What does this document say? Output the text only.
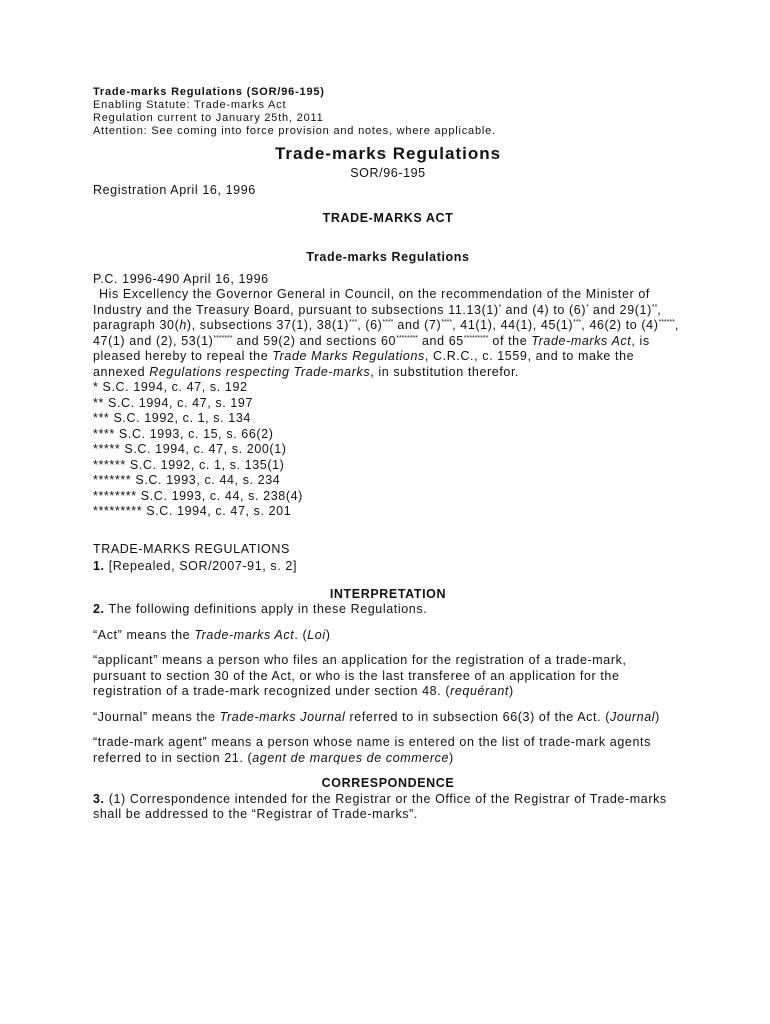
Trade-marks Regulations (SOR/96-195)

Enabling Statute: Trade-marks Act

Regulation current to January 25th, 2011

Attention: See coming into force provision and notes, where applicable.

Trade-marks Regulations

SOR/96-195

Registration April 16, 1996

TRADE-MARKS ACT

Trade-marks Regulations

P.C. 1996-490 April 16, 1996

His Excellency the Governor General in Council, on the recommendation of the Minister of Industry and the Treasury Board, pursuant to subsections 11.13(1)* and (4) to (6)* and 29(1)**, paragraph 30(h), subsections 37(1), 38(1)***, (6)**** and (7)****, 41(1), 44(1), 45(1)***, 46(2) to (4)******, 47(1) and (2), 53(1)******* and 59(2) and sections 60******** and 65********* of the Trade-marks Act, is pleased hereby to repeal the Trade Marks Regulations, C.R.C., c. 1559, and to make the annexed Regulations respecting Trade-marks, in substitution therefor.

* S.C. 1994, c. 47, s. 192

** S.C. 1994, c. 47, s. 197

*** S.C. 1992, c. 1, s. 134

**** S.C. 1993, c. 15, s. 66(2)

***** S.C. 1994, c. 47, s. 200(1)

****** S.C. 1992, c. 1, s. 135(1)

******* S.C. 1993, c. 44, s. 234

******** S.C. 1993, c. 44, s. 238(4)

********* S.C. 1994, c. 47, s. 201

TRADE-MARKS REGULATIONS

1. [Repealed, SOR/2007-91, s. 2]

INTERPRETATION

2. The following definitions apply in these Regulations.

“Act” means the Trade-marks Act. (Loi)

“applicant” means a person who files an application for the registration of a trade-mark, pursuant to section 30 of the Act, or who is the last transferee of an application for the registration of a trade-mark recognized under section 48. (requérant)

“Journal” means the Trade-marks Journal referred to in subsection 66(3) of the Act. (Journal)

“trade-mark agent” means a person whose name is entered on the list of trade-mark agents referred to in section 21. (agent de marques de commerce)

CORRESPONDENCE

3. (1) Correspondence intended for the Registrar or the Office of the Registrar of Trade-marks shall be addressed to the “Registrar of Trade-marks”.
